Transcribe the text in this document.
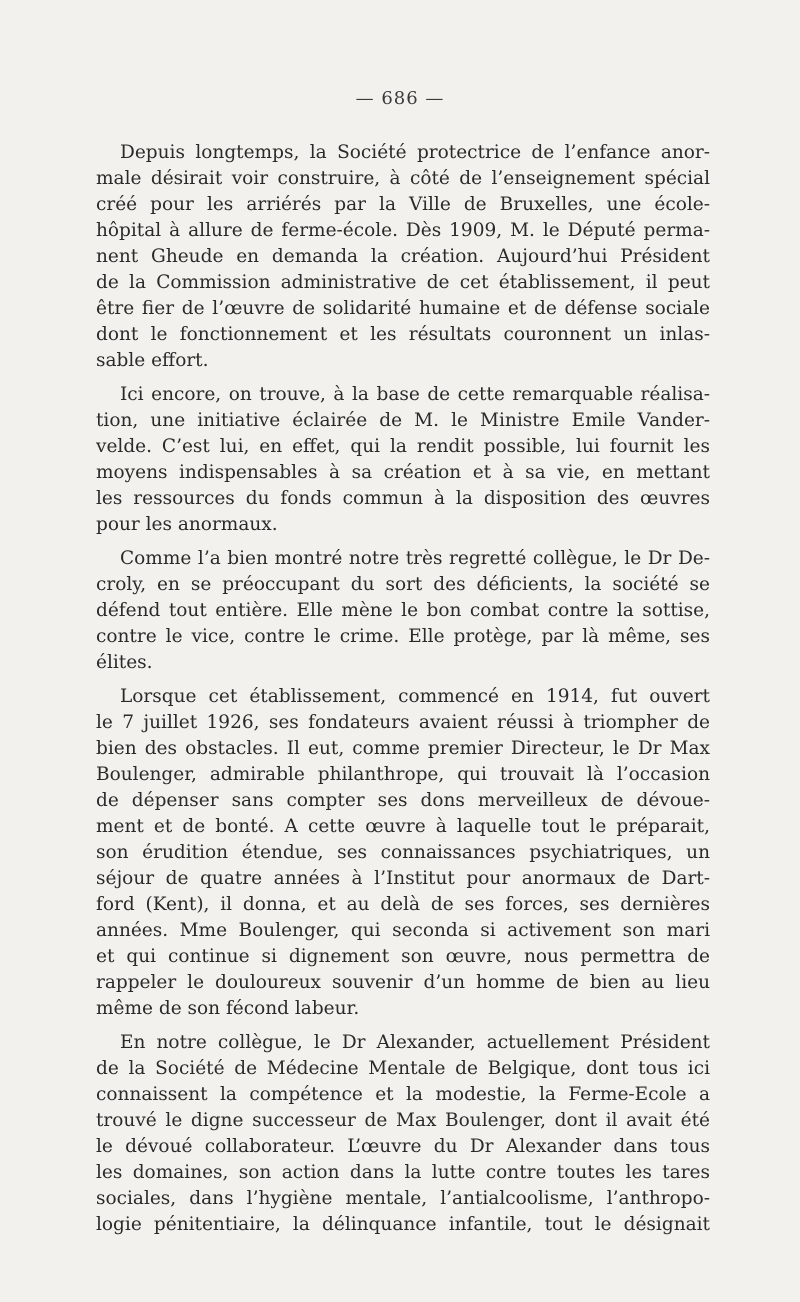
— 686 —
Depuis longtemps, la Société protectrice de l’enfance anor-
male désirait voir construire, à côté de l’enseignement spécial
créé pour les arriérés par la Ville de Bruxelles, une école-
hôpital à allure de ferme-école. Dès 1909, M. le Député perma-
nent Gheude en demanda la création. Aujourd’hui Président
de la Commission administrative de cet établissement, il peut
être fier de l’œuvre de solidarité humaine et de défense sociale
dont le fonctionnement et les résultats couronnent un inlas-
sable effort.
Ici encore, on trouve, à la base de cette remarquable réalisa-
tion, une initiative éclairée de M. le Ministre Emile Vander-
velde. C’est lui, en effet, qui la rendit possible, lui fournit les
moyens indispensables à sa création et à sa vie, en mettant
les ressources du fonds commun à la disposition des œuvres
pour les anormaux.
Comme l’a bien montré notre très regretté collègue, le Dr De-
croly, en se préoccupant du sort des déficients, la société se
défend tout entière. Elle mène le bon combat contre la sottise,
contre le vice, contre le crime. Elle protège, par là même, ses
élites.
Lorsque cet établissement, commencé en 1914, fut ouvert
le 7 juillet 1926, ses fondateurs avaient réussi à triompher de
bien des obstacles. Il eut, comme premier Directeur, le Dr Max
Boulenger, admirable philanthrope, qui trouvait là l’occasion
de dépenser sans compter ses dons merveilleux de dévoue-
ment et de bonté. A cette œuvre à laquelle tout le préparait,
son érudition étendue, ses connaissances psychiatriques, un
séjour de quatre années à l’Institut pour anormaux de Dart-
ford (Kent), il donna, et au delà de ses forces, ses dernières
années. Mme Boulenger, qui seconda si activement son mari
et qui continue si dignement son œuvre, nous permettra de
rappeler le douloureux souvenir d’un homme de bien au lieu
même de son fécond labeur.
En notre collègue, le Dr Alexander, actuellement Président
de la Société de Médecine Mentale de Belgique, dont tous ici
connaissent la compétence et la modestie, la Ferme-Ecole a
trouvé le digne successeur de Max Boulenger, dont il avait été
le dévoué collaborateur. L’œuvre du Dr Alexander dans tous
les domaines, son action dans la lutte contre toutes les tares
sociales, dans l’hygiène mentale, l’antialcoolisme, l’anthropo-
logie pénitentiaire, la délinquance infantile, tout le désignait
